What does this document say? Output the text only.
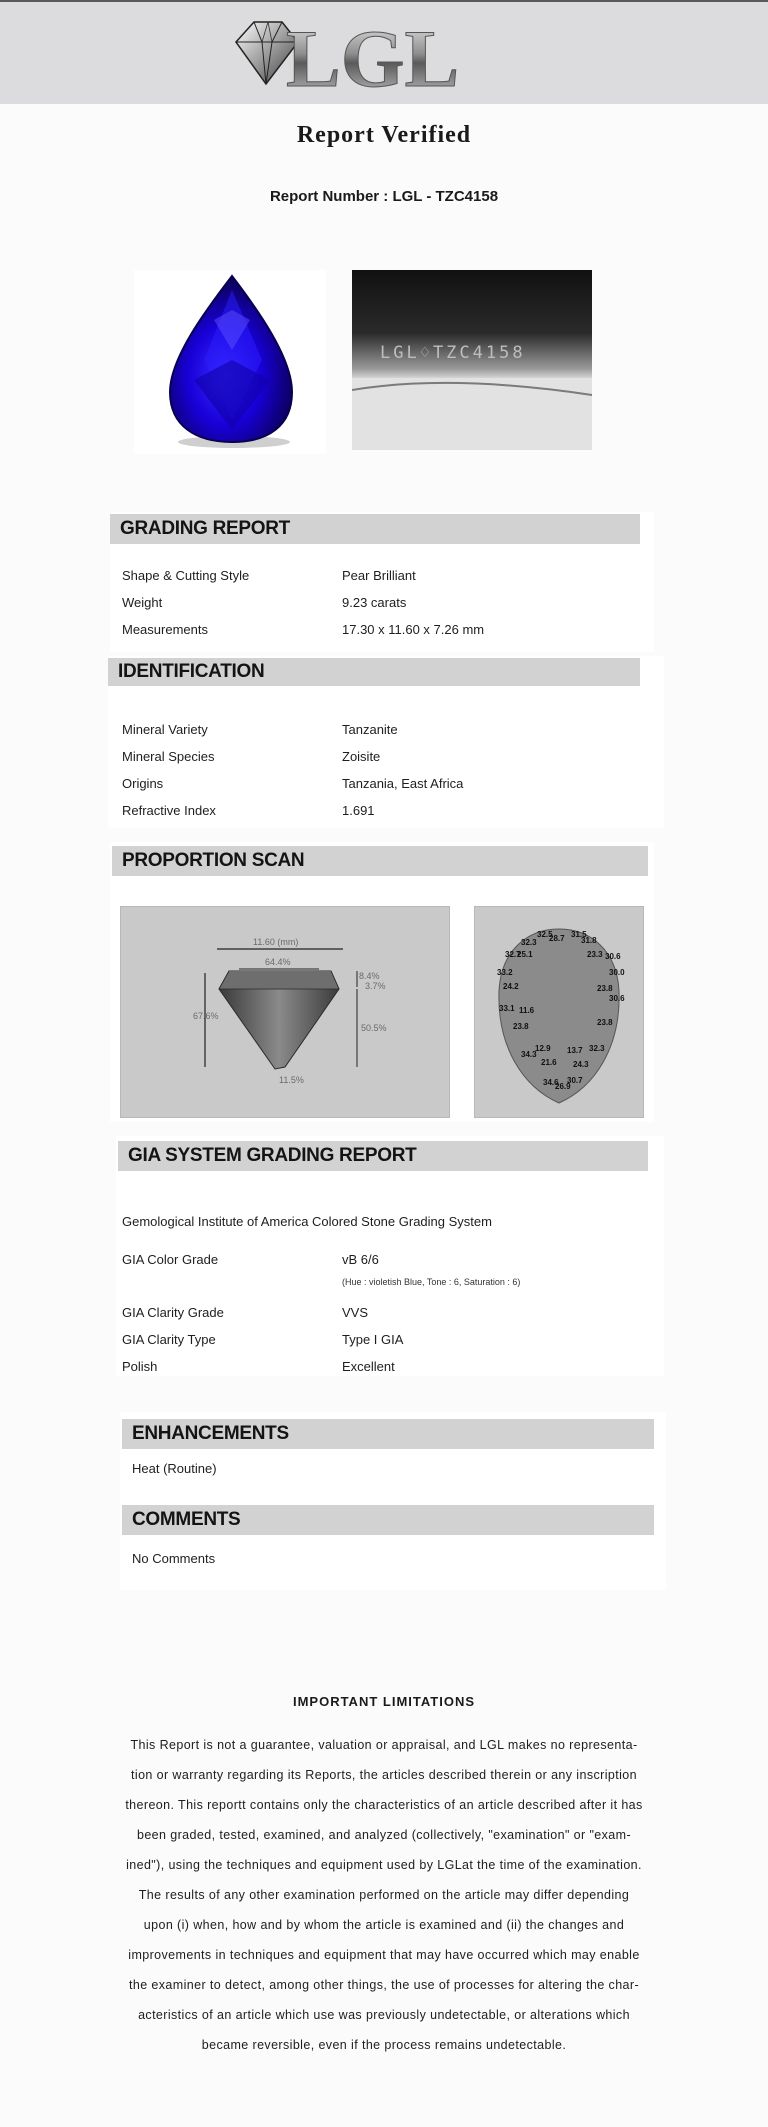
LGL
Report Verified
Report Number : LGL - TZC4158
LGL♢TZC4158
GRADING REPORT
Shape & Cutting Style	Pear Brilliant
Weight	9.23 carats
Measurements	17.30 x 11.60 x 7.26 mm
IDENTIFICATION
Mineral Variety	Tanzanite
Mineral Species	Zoisite
Origins	Tanzania, East Africa
Refractive Index	1.691
PROPORTION SCAN
11.60 (mm)
64.4%
67.6%
8.4%
3.7%
50.5%
11.5%
32.5
32.3 28.7 31.5
31.8
32.7
25.1	23.3 30.6
33.2	30.0
24.2	23.8
30.6
33.1 11.6
23.8
23.8
12.9 13.7 32.3
34.3
21.6 24.3
34.6
26.9
30.7
GIA SYSTEM GRADING REPORT
Gemological Institute of America Colored Stone Grading System
GIA Color Grade	vB 6/6
(Hue : violetish Blue, Tone : 6, Saturation : 6)
GIA Clarity Grade	VVS
GIA Clarity Type	Type I GIA
Polish	Excellent
ENHANCEMENTS
Heat (Routine)
COMMENTS
No Comments
IMPORTANT LIMITATIONS
This Report is not a guarantee, valuation or appraisal, and LGL makes no representa-
tion or warranty regarding its Reports, the articles described therein or any inscription
thereon. This reportt contains only the characteristics of an article described after it has
been graded, tested, examined, and analyzed (collectively, "examination" or "exam-
ined"), using the techniques and equipment used by LGLat the time of the examination.
The results of any other examination performed on the article may differ depending
upon (i) when, how and by whom the article is examined and (ii) the changes and
improvements in techniques and equipment that may have occurred which may enable
the examiner to detect, among other things, the use of processes for altering the char-
acteristics of an article which use was previously undetectable, or alterations which
became reversible, even if the process remains undetectable.
